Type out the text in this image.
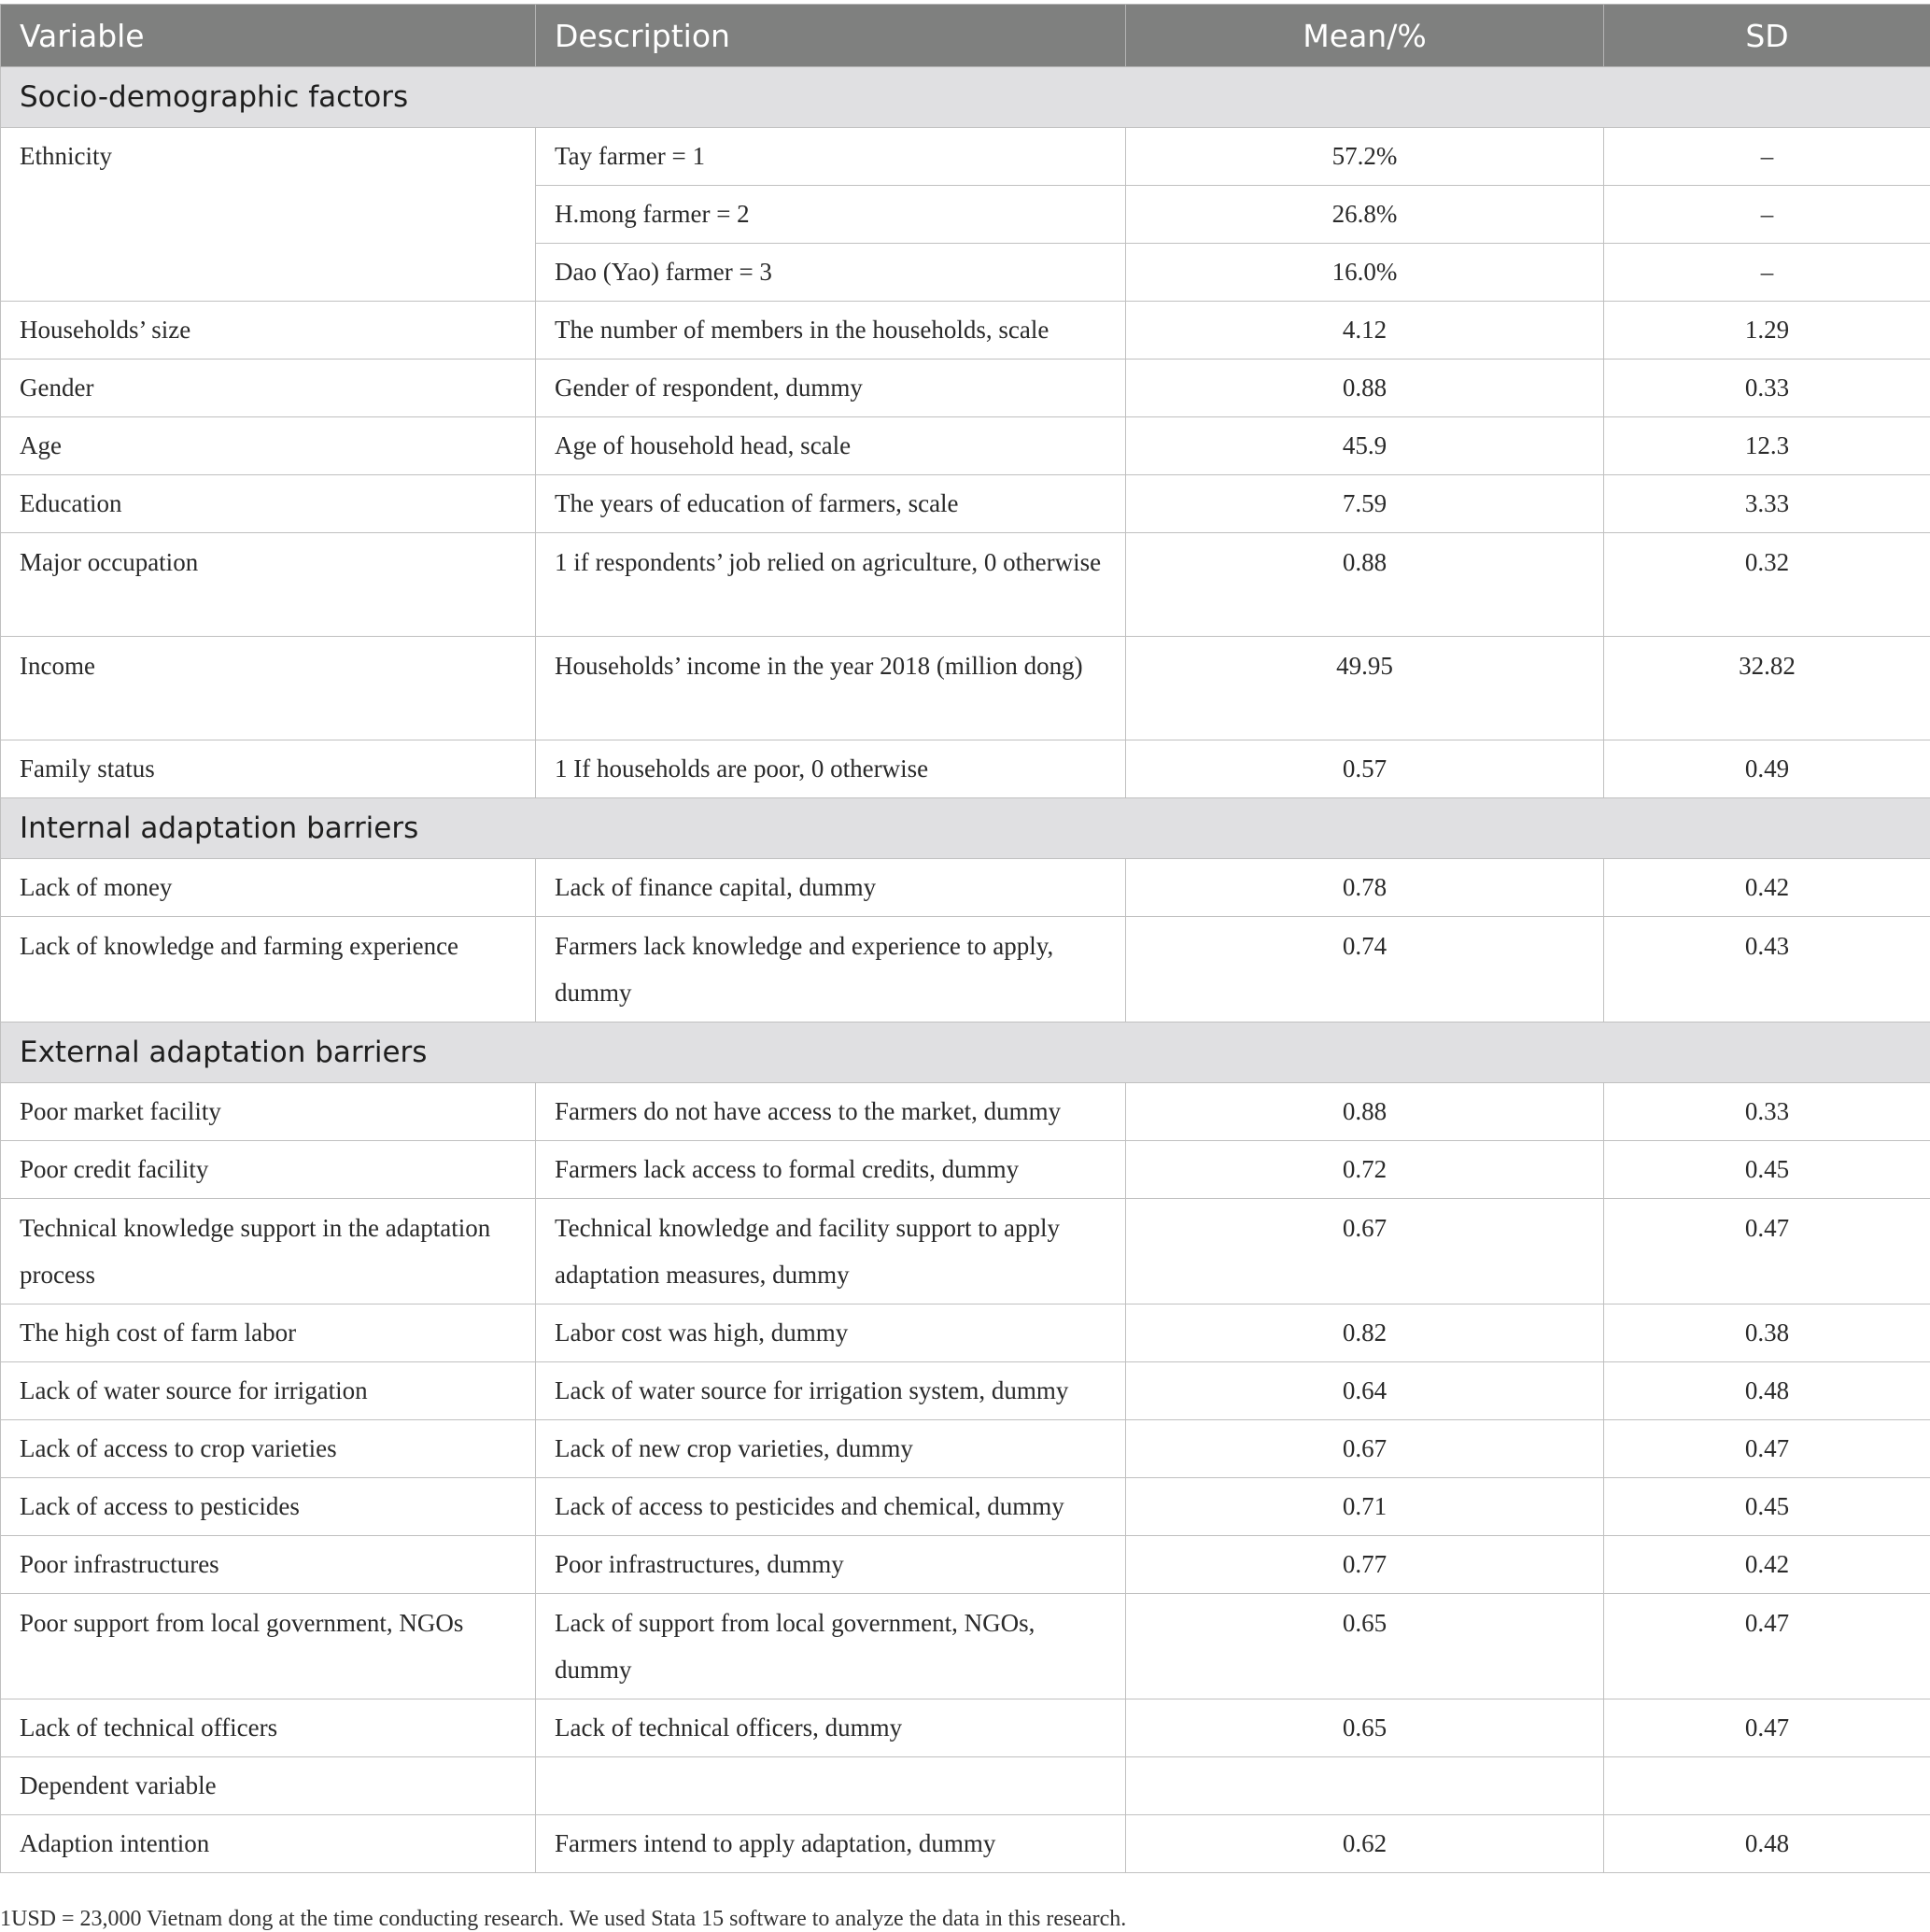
Variable	Description	Mean/%	SD
Socio-demographic factors			
Ethnicity	Tay farmer = 1	57.2%	–
	H.mong farmer = 2	26.8%	–
	Dao (Yao) farmer = 3	16.0%	–
Households’ size	The number of members in the households, scale	4.12	1.29
Gender	Gender of respondent, dummy	0.88	0.33
Age	Age of household head, scale	45.9	12.3
Education	The years of education of farmers, scale	7.59	3.33
Major occupation	1 if respondents’ job relied on agriculture, 0 otherwise	0.88	0.32
Income	Households’ income in the year 2018 (million dong)	49.95	32.82
Family status	1 If households are poor, 0 otherwise	0.57	0.49
Internal adaptation barriers			
Lack of money	Lack of finance capital, dummy	0.78	0.42
Lack of knowledge and farming experience	Farmers lack knowledge and experience to apply, dummy	0.74	0.43
External adaptation barriers			
Poor market facility	Farmers do not have access to the market, dummy	0.88	0.33
Poor credit facility	Farmers lack access to formal credits, dummy	0.72	0.45
Technical knowledge support in the adaptation process	Technical knowledge and facility support to apply adaptation measures, dummy	0.67	0.47
The high cost of farm labor	Labor cost was high, dummy	0.82	0.38
Lack of water source for irrigation	Lack of water source for irrigation system, dummy	0.64	0.48
Lack of access to crop varieties	Lack of new crop varieties, dummy	0.67	0.47
Lack of access to pesticides	Lack of access to pesticides and chemical, dummy	0.71	0.45
Poor infrastructures	Poor infrastructures, dummy	0.77	0.42
Poor support from local government, NGOs	Lack of support from local government, NGOs, dummy	0.65	0.47
Lack of technical officers	Lack of technical officers, dummy	0.65	0.47
Dependent variable			
Adaption intention	Farmers intend to apply adaptation, dummy	0.62	0.48
1USD = 23,000 Vietnam dong at the time conducting research. We used Stata 15 software to analyze the data in this research.
